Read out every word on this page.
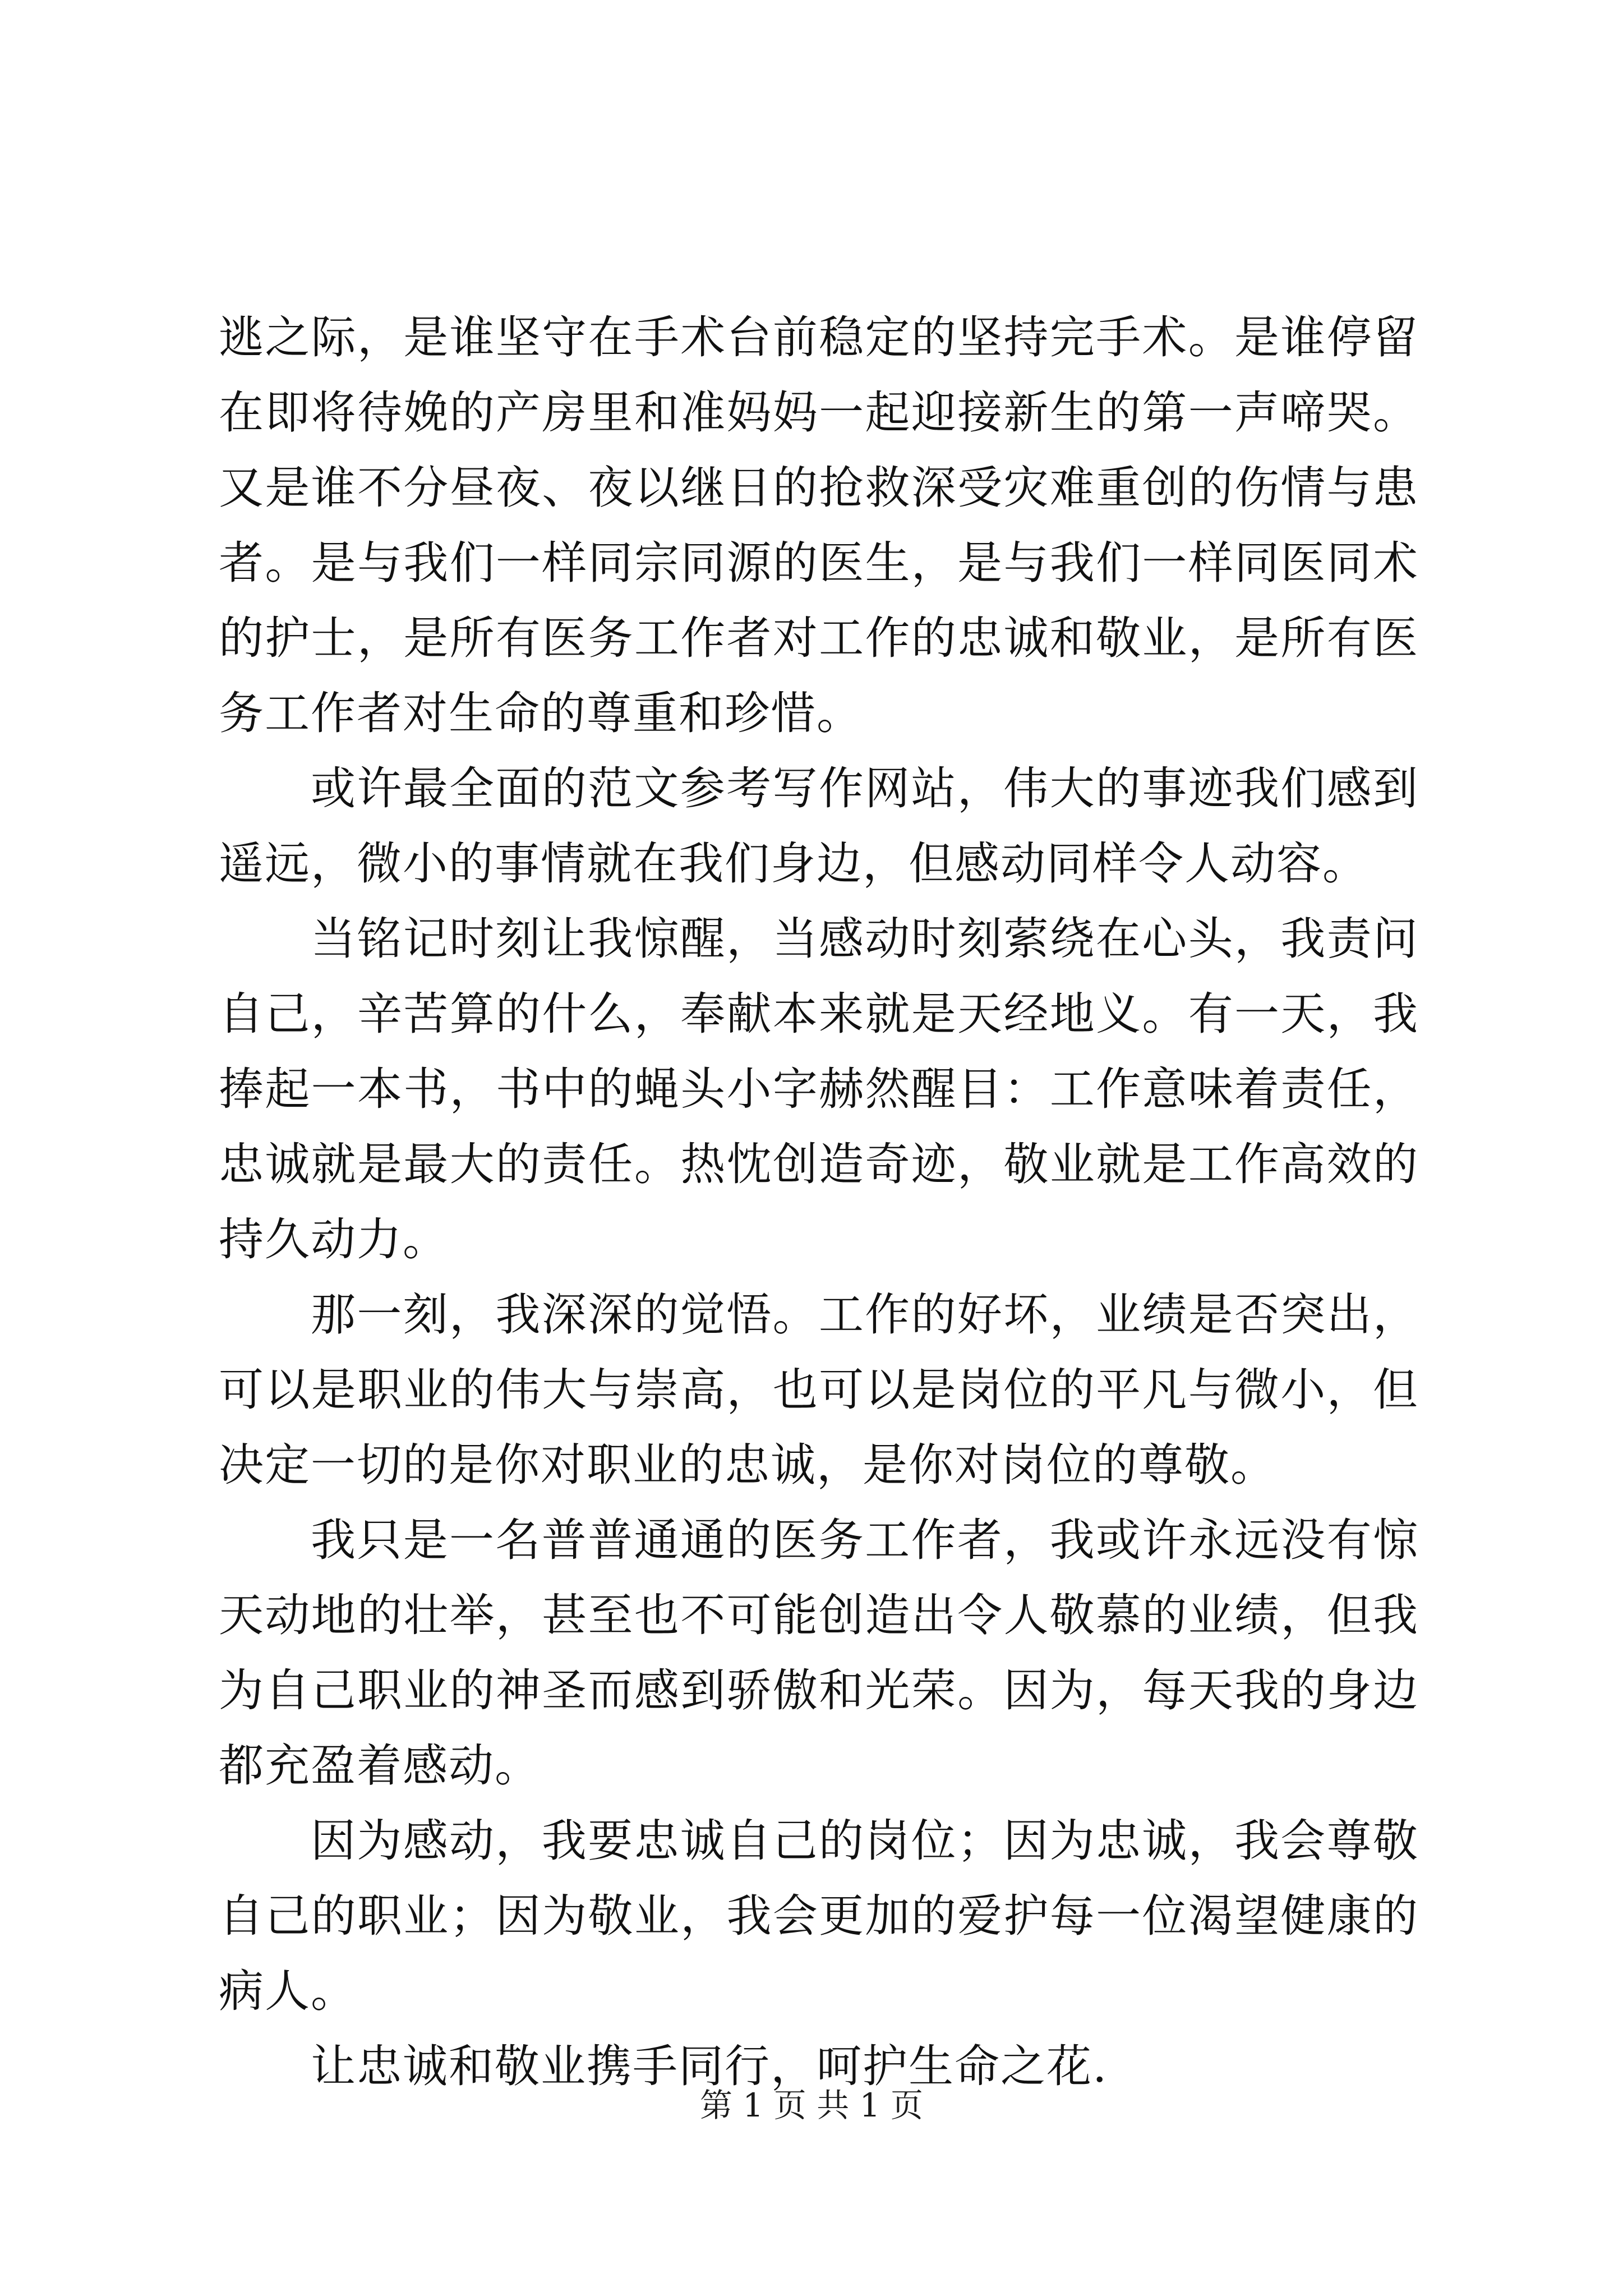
逃之际，是谁坚守在手术台前稳定的坚持完手术。是谁停留在即将待娩的产房里和准妈妈一起迎接新生的第一声啼哭。又是谁不分昼夜、夜以继日的抢救深受灾难重创的伤情与患者。是与我们一样同宗同源的医生，是与我们一样同医同术的护士，是所有医务工作者对工作的忠诚和敬业，是所有医务工作者对生命的尊重和珍惜。

或许最全面的范文参考写作网站，伟大的事迹我们感到遥远，微小的事情就在我们身边，但感动同样令人动容。

当铭记时刻让我惊醒，当感动时刻萦绕在心头，我责问自己，辛苦算的什么，奉献本来就是天经地义。有一天，我捧起一本书，书中的蝇头小字赫然醒目：工作意味着责任，忠诚就是最大的责任。热忱创造奇迹，敬业就是工作高效的持久动力。

那一刻，我深深的觉悟。工作的好坏，业绩是否突出，可以是职业的伟大与崇高，也可以是岗位的平凡与微小，但决定一切的是你对职业的忠诚，是你对岗位的尊敬。

我只是一名普普通通的医务工作者，我或许永远没有惊天动地的壮举，甚至也不可能创造出令人敬慕的业绩，但我为自己职业的神圣而感到骄傲和光荣。因为，每天我的身边都充盈着感动。

因为感动，我要忠诚自己的岗位；因为忠诚，我会尊敬自己的职业；因为敬业，我会更加的爱护每一位渴望健康的病人。

让忠诚和敬业携手同行，呵护生命之花.

第 1 页 共 1 页
